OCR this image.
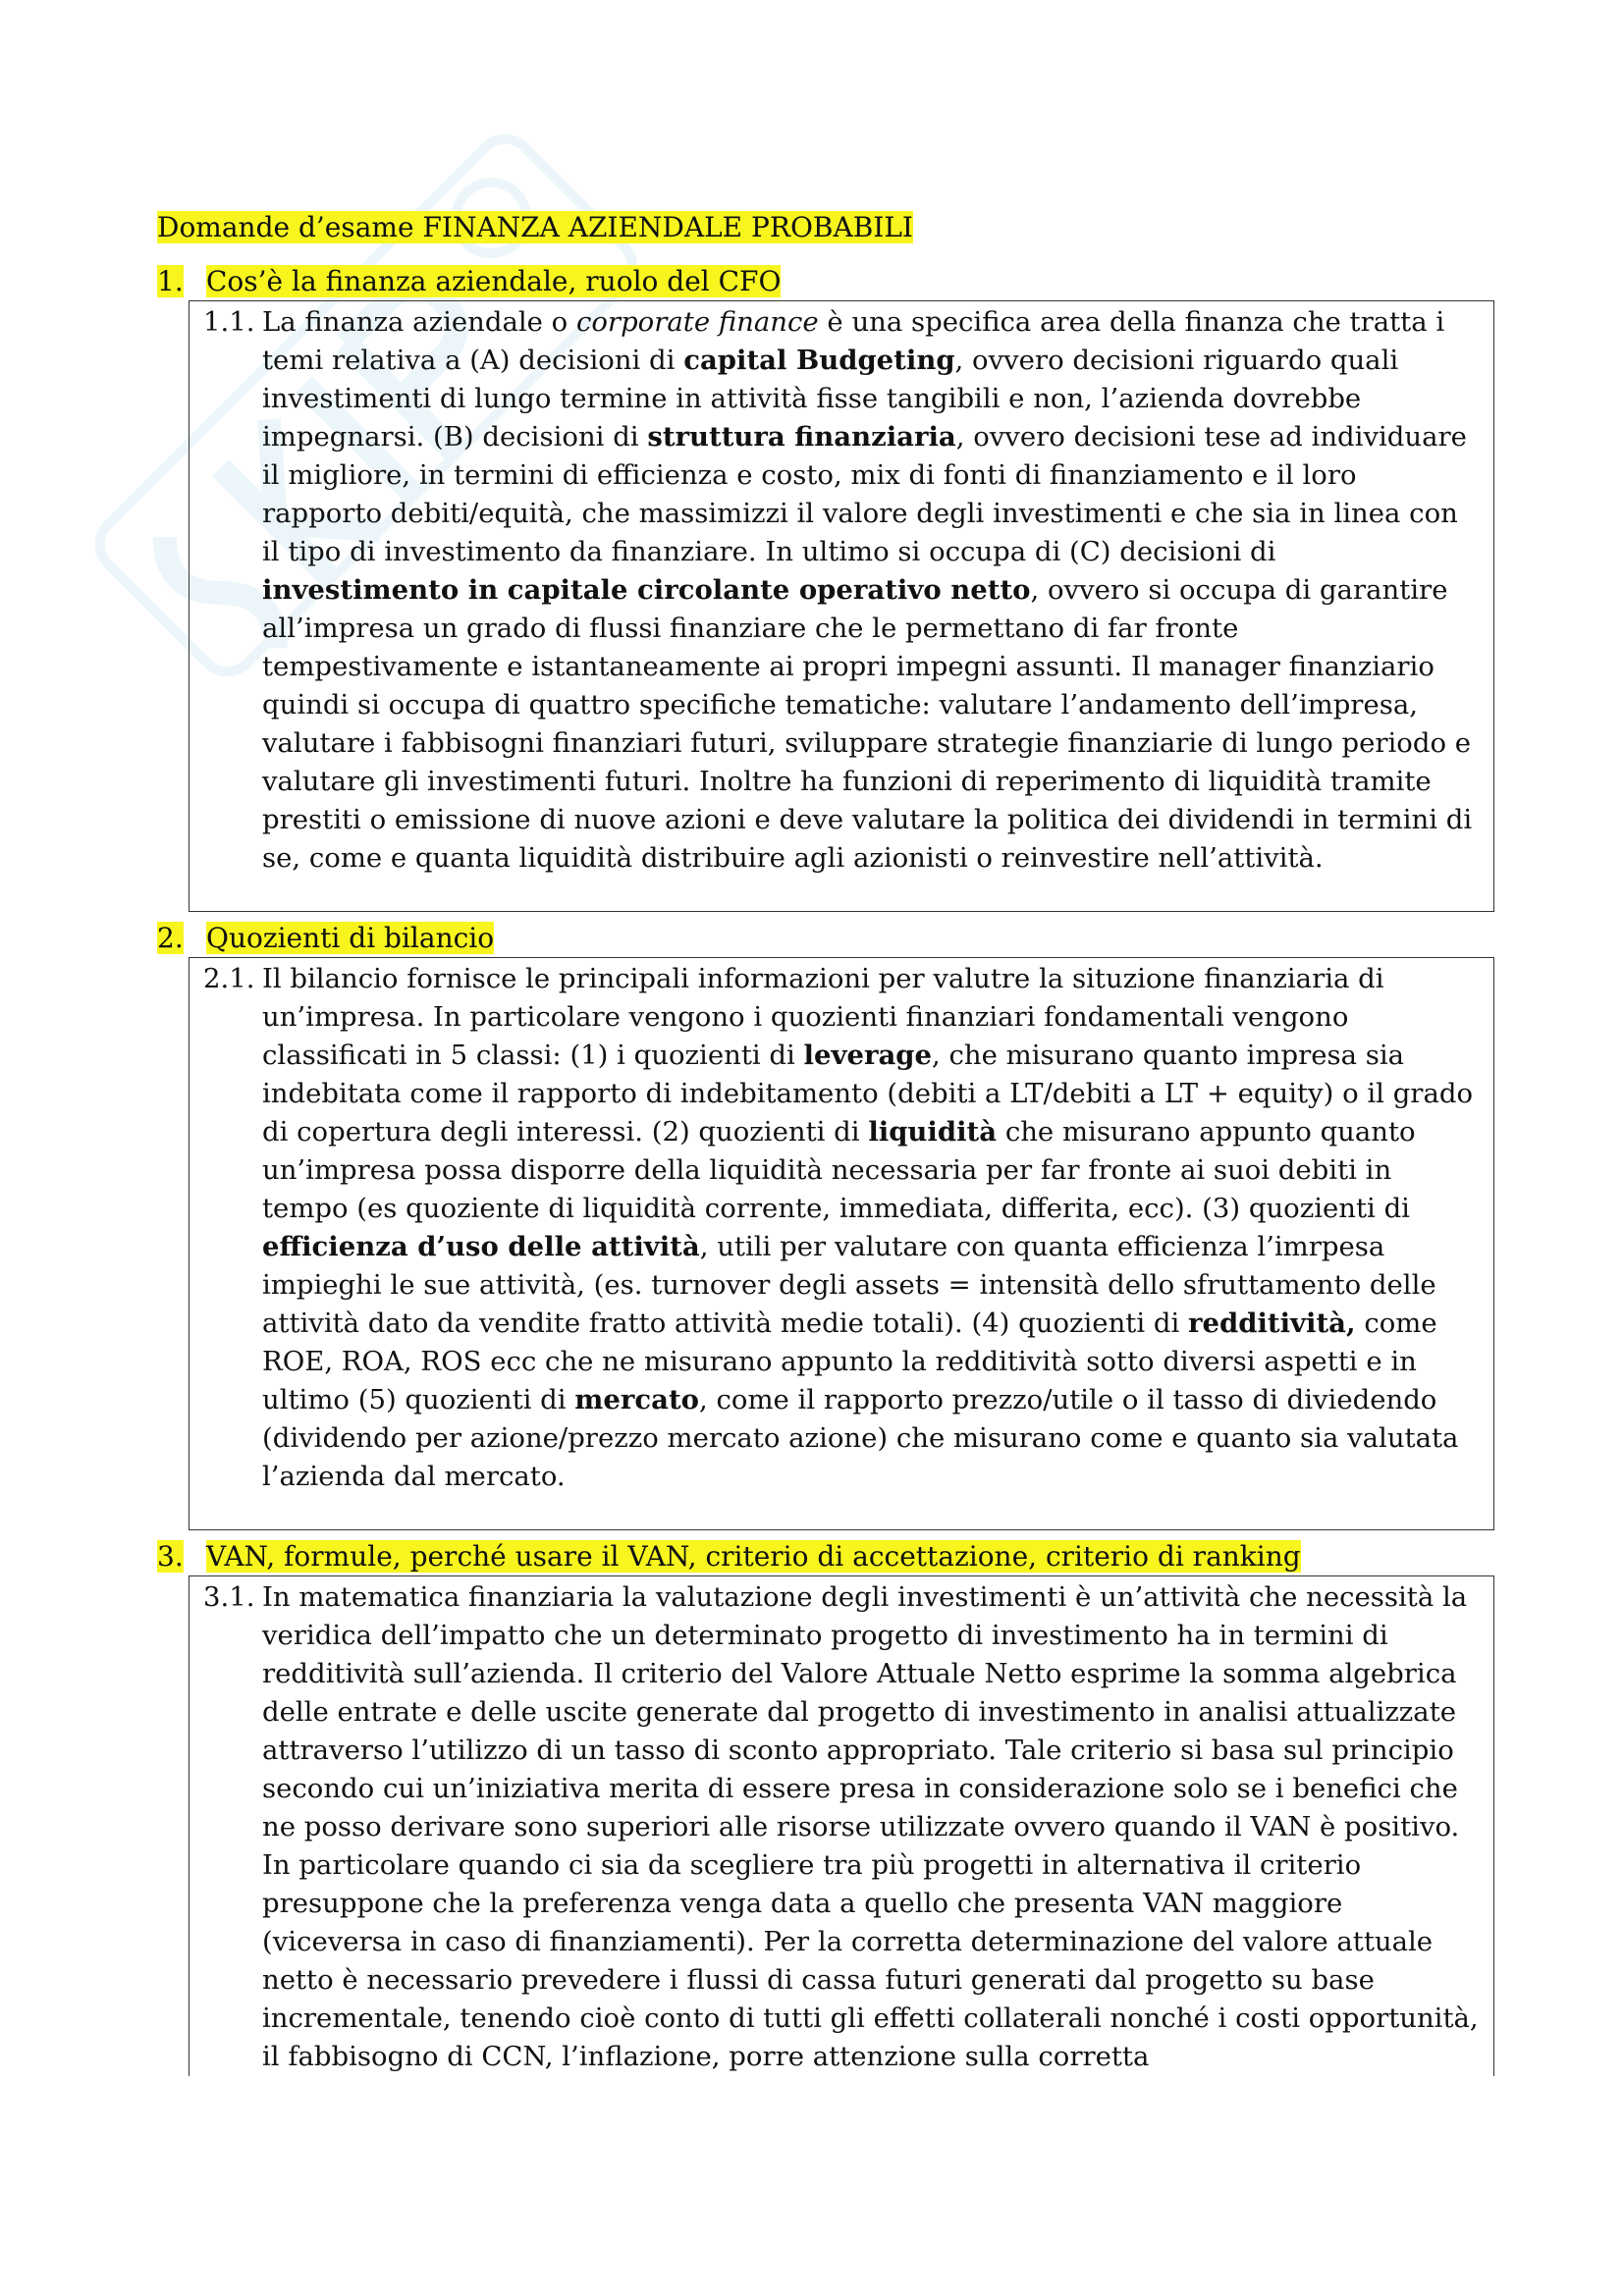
Domande d’esame FINANZA AZIENDALE PROBABILI
1. Cos’è la finanza aziendale, ruolo del CFO
1.1. La finanza aziendale o corporate finance è una specifica area della finanza che tratta i temi relativa a (A) decisioni di capital Budgeting, ovvero decisioni riguardo quali investimenti di lungo termine in attività fisse tangibili e non, l’azienda dovrebbe impegnarsi. (B) decisioni di struttura finanziaria, ovvero decisioni tese ad individuare il migliore, in termini di efficienza e costo, mix di fonti di finanziamento e il loro rapporto debiti/equità, che massimizzi il valore degli investimenti e che sia in linea con il tipo di investimento da finanziare. In ultimo si occupa di (C) decisioni di investimento in capitale circolante operativo netto, ovvero si occupa di garantire all’impresa un grado di flussi finanziare che le permettano di far fronte tempestivamente e istantaneamente ai propri impegni assunti. Il manager finanziario quindi si occupa di quattro specifiche tematiche: valutare l’andamento dell’impresa, valutare i fabbisogni finanziari futuri, sviluppare strategie finanziarie di lungo periodo e valutare gli investimenti futuri. Inoltre ha funzioni di reperimento di liquidità tramite prestiti o emissione di nuove azioni e deve valutare la politica dei dividendi in termini di se, come e quanta liquidità distribuire agli azionisti o reinvestire nell’attività.
2. Quozienti di bilancio
2.1. Il bilancio fornisce le principali informazioni per valutre la situzione finanziaria di un’impresa. In particolare vengono i quozienti finanziari fondamentali vengono classificati in 5 classi: (1) i quozienti di leverage, che misurano quanto impresa sia indebitata come il rapporto di indebitamento (debiti a LT/debiti a LT + equity) o il grado di copertura degli interessi. (2) quozienti di liquidità che misurano appunto quanto un’impresa possa disporre della liquidità necessaria per far fronte ai suoi debiti in tempo (es quoziente di liquidità corrente, immediata, differita, ecc). (3) quozienti di efficienza d’uso delle attività, utili per valutare con quanta efficienza l’imrpesa impieghi le sue attività, (es. turnover degli assets = intensità dello sfruttamento delle attività dato da vendite fratto attività medie totali). (4) quozienti di redditività, come ROE, ROA, ROS ecc che ne misurano appunto la redditività sotto diversi aspetti e in ultimo (5) quozienti di mercato, come il rapporto prezzo/utile o il tasso di diviedendo (dividendo per azione/prezzo mercato azione) che misurano come e quanto sia valutata l’azienda dal mercato.
3. VAN, formule, perché usare il VAN, criterio di accettazione, criterio di ranking
3.1. In matematica finanziaria la valutazione degli investimenti è un’attività che necessità la veridica dell’impatto che un determinato progetto di investimento ha in termini di redditività sull’azienda. Il criterio del Valore Attuale Netto esprime la somma algebrica delle entrate e delle uscite generate dal progetto di investimento in analisi attualizzate attraverso l’utilizzo di un tasso di sconto appropriato. Tale criterio si basa sul principio secondo cui un’iniziativa merita di essere presa in considerazione solo se i benefici che ne posso derivare sono superiori alle risorse utilizzate ovvero quando il VAN è positivo. In particolare quando ci sia da scegliere tra più progetti in alternativa il criterio presuppone che la preferenza venga data a quello che presenta VAN maggiore (viceversa in caso di finanziamenti). Per la corretta determinazione del valore attuale netto è necessario prevedere i flussi di cassa futuri generati dal progetto su base incrementale, tenendo cioè conto di tutti gli effetti collaterali nonché i costi opportunità, il fabbisogno di CCN, l’inflazione, porre attenzione sulla corretta
